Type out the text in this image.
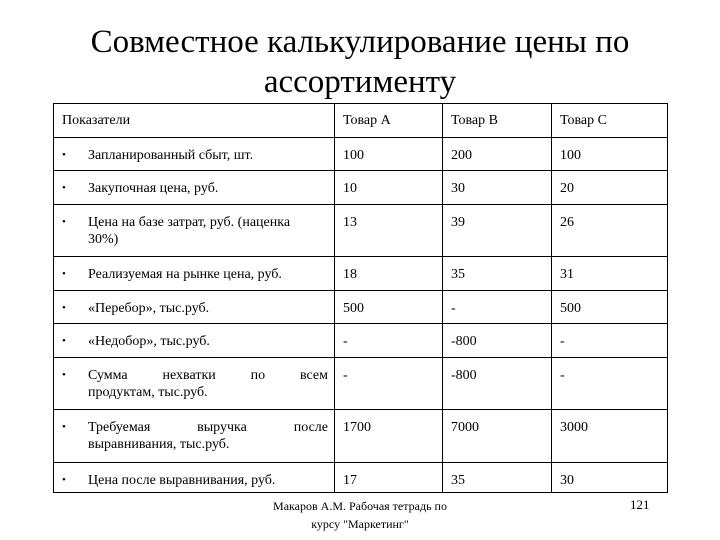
Совместное калькулирование цены по
ассортименту
Показатели	Товар А	Товар В	Товар С

• Запланированный сбыт, шт.	100	200	100

• Закупочная цена, руб.	10	30	20

• Цена на базе затрат, руб. (наценка
30%)	13	39	26

• Реализуемая на рынке цена, руб.	18	35	31

• «Перебор», тыс.руб.	500	-	500

• «Недобор», тыс.руб.	-	-800	-

• Сумма нехватки по всем
продуктам, тыс.руб.	-	-800	-

• Требуемая выручка после
выравнивания, тыс.руб.	1700	7000	3000

• Цена после выравнивания, руб.	17	35	30
Макаров А.М. Рабочая тетрадь по
курсу "Маркетинг"
121
